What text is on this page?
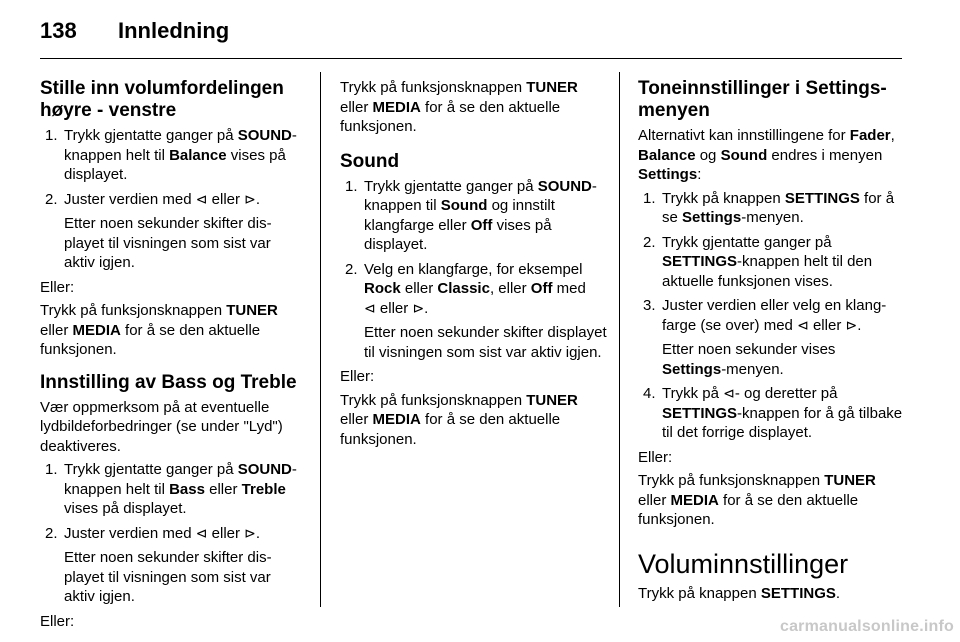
138 Innledning
Stille inn volumfordelingen høyre - venstre
1. Trykk gjentatte ganger på SOUND-knappen helt til Balance vises på displayet.

2. Juster verdien med ⊲ eller ⊳.

Etter noen sekunder skifter displayet til visningen som sist var aktiv igjen.

Eller:

Trykk på funksjonsknappen TUNER eller MEDIA for å se den aktuelle funksjonen.

Innstilling av Bass og Treble

Vær oppmerksom på at eventuelle lydbildeforbedringer (se under "Lyd") deaktiveres.

1. Trykk gjentatte ganger på SOUND-knappen helt til Bass eller Treble vises på displayet.

2. Juster verdien med ⊲ eller ⊳.

Etter noen sekunder skifter displayet til visningen som sist var aktiv igjen.

Eller:

Trykk på funksjonsknappen TUNER eller MEDIA for å se den aktuelle funksjonen.

Sound
1. Trykk gjentatte ganger på SOUND-knappen til Sound og innstilt klangfarge eller Off vises på displayet.

2. Velg en klangfarge, for eksempel Rock eller Classic, eller Off med
⊲ eller ⊳.

Etter noen sekunder skifter displayet til visningen som sist var aktiv igjen.

Eller:

Trykk på funksjonsknappen TUNER eller MEDIA for å se den aktuelle funksjonen.

Toneinnstillinger i Settings-menyen

Alternativt kan innstillingene for Fader, Balance og Sound endres i menyen Settings:

1. Trykk på knappen SETTINGS for å se Settings-menyen.

2. Trykk gjentatte ganger på SETTINGS-knappen helt til den aktuelle funksjonen vises.

3. Juster verdien eller velg en klangfarge (se over) med ⊲ eller ⊳.

Etter noen sekunder vises Settings-menyen.

4. Trykk på ⊲- og deretter på SETTINGS-knappen for å gå tilbake til det forrige displayet.

Eller:

Trykk på funksjonsknappen TUNER eller MEDIA for å se den aktuelle funksjonen.

Voluminnstillinger

Trykk på knappen SETTINGS.

carmanualsonline.info
